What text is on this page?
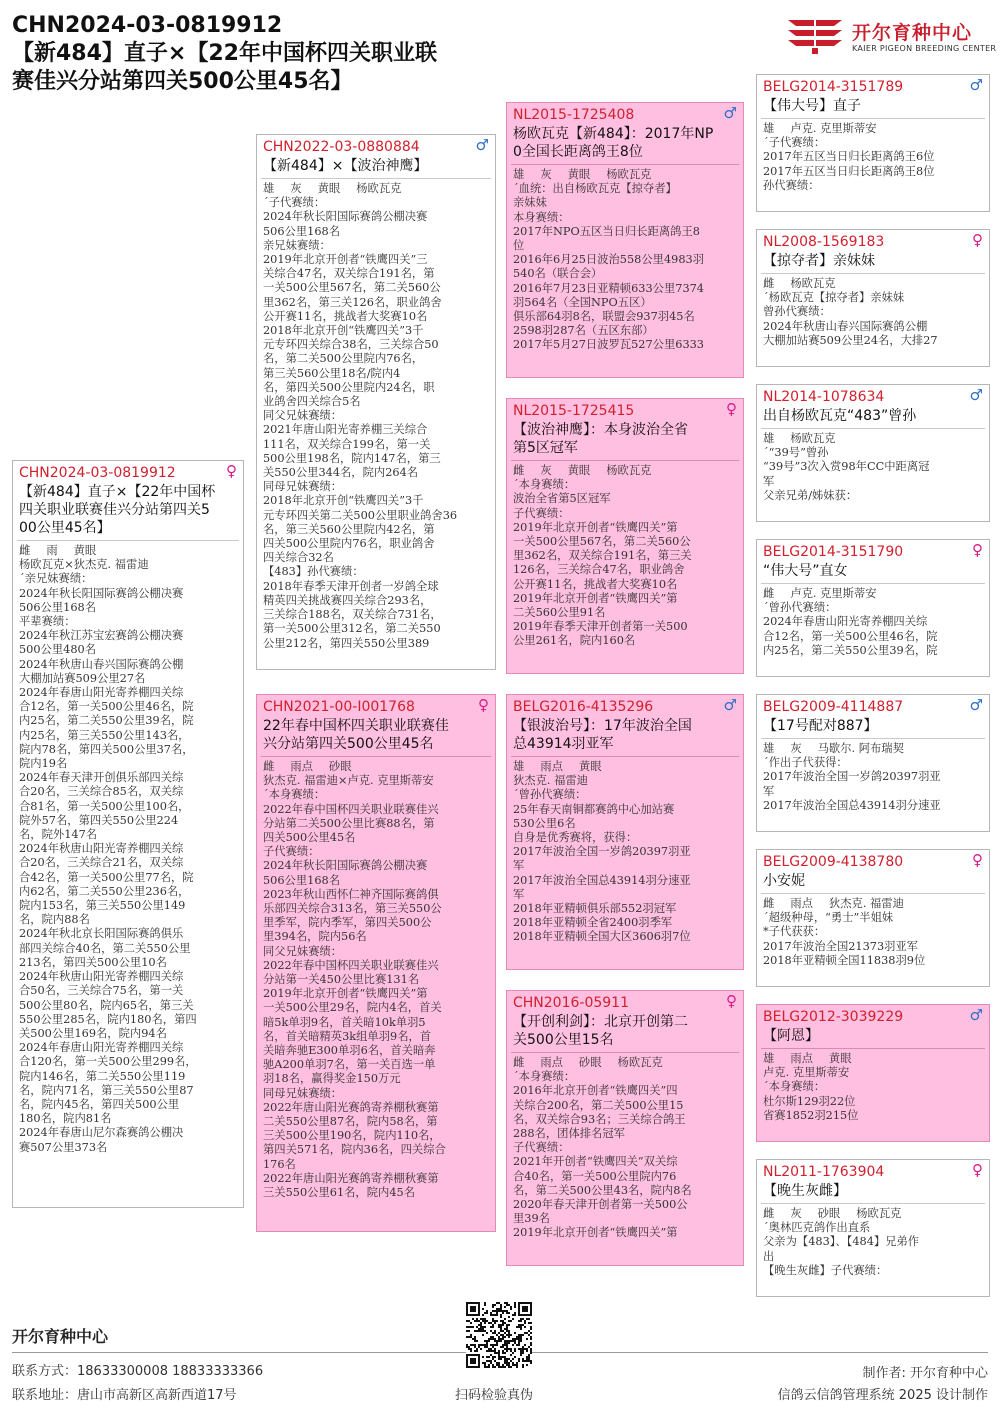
CHN2024-03-0819912
【新484】直子×【22年中国杯四关职业联
赛佳兴分站第四关500公里45名】
开尔育种中心
KAIER PIGEON BREEDING CENTER
CHN2024-03-0819912	♀
【新484】直子×【22年中国杯
四关职业联赛佳兴分站第四关5
00公里45名】
雌 雨 黄眼
杨欧瓦克×狄杰克. 福雷迪
´亲兄妹赛绩：
2024年秋长阳国际赛鸽公棚决赛
506公里168名
平辈赛绩：
2024年秋江苏宝宏赛鸽公棚决赛
500公里480名
2024年秋唐山春兴国际赛鸽公棚
大棚加站赛509公里27名
2024年春唐山阳光寄养棚四关综
合12名，第一关500公里46名，院
内25名，第二关550公里39名，院
内25名，第三关550公里143名，
院内78名，第四关500公里37名，
院内19名
2024年春天津开创俱乐部四关综
合20名，三关综合85名，双关综
合81名，第一关500公里100名，
院外57名，第四关550公里224
名，院外147名
2024年秋唐山阳光寄养棚四关综
合20名，三关综合21名，双关综
合42名，第一关500公里77名，院
内62名，第二关550公里236名，
院内153名，第三关550公里149
名，院内88名
2024年秋北京长阳国际赛鸽俱乐
部四关综合40名，第二关550公里
213名，第四关500公里10名
2024年秋唐山阳光寄养棚四关综
合50名，三关综合75名，第一关
500公里80名，院内65名，第三关
550公里285名，院内180名，第四
关500公里169名，院内94名
2024年春唐山阳光寄养棚四关综
合120名，第一关500公里299名，
院内146名，第二关550公里119
名，院内71名，第三关550公里87
名，院内45名，第四关500公里
180名，院内81名
2024年春唐山尼尔森赛鸽公棚决
赛507公里373名
CHN2022-03-0880884	♂
【新484】×【波治神鹰】
雄 灰 黄眼 杨欧瓦克
´子代赛绩：
2024年秋长阳国际赛鸽公棚决赛
506公里168名
亲兄妹赛绩：
2019年北京开创者“铁鹰四关”三
关综合47名，双关综合191名，第
一关500公里567名，第二关560公
里362名，第三关126名，职业鸽舍
公开赛11名，挑战者大奖赛10名
2018年北京开创“铁鹰四关”3千
元专环四关综合38名，三关综合50
名，第二关500公里院内76名，
第三关560公里18名/院内4
名，第四关500公里院内24名，职
业鸽舍四关综合5名
同父兄妹赛绩：
2021年唐山阳光寄养棚三关综合
111名，双关综合199名，第一关
500公里198名，院内147名，第三
关550公里344名，院内264名
同母兄妹赛绩：
2018年北京开创“铁鹰四关”3千
元专环四关第二关500公里职业鸽舍36
名，第三关560公里院内42名，第
四关500公里院内76名，职业鸽舍
四关综合32名
【483】孙代赛绩：
2018年春季天津开创者一岁鸽全球
精英四关挑战赛四关综合293名，
三关综合188名，双关综合731名，
第一关500公里312名，第二关550
公里212名，第四关550公里389
CHN2021-00-I001768	♀
22年春中国杯四关职业联赛佳
兴分站第四关500公里45名
雌 雨点 砂眼
狄杰克. 福雷迪×卢克. 克里斯蒂安
´本身赛绩：
2022年春中国杯四关职业联赛佳兴
分站第二关500公里比赛88名，第
四关500公里45名
子代赛绩：
2024年秋长阳国际赛鸽公棚决赛
506公里168名
2023年秋山西怀仁神齐国际赛鸽俱
乐部四关综合313名，第三关550公
里季军，院内季军，第四关500公
里394名，院内56名
同父兄妹赛绩：
2022年春中国杯四关职业联赛佳兴
分站第一关450公里比赛131名
2019年北京开创者“铁鹰四关”第
一关500公里29名，院内4名，首关
暗5k单羽9名，首关暗10k单羽5
名，首关暗精英3k组单羽9名，首
关暗奔驰E300单羽6名，首关暗奔
驰A200单羽7名，第一关百选一单
羽18名，赢得奖金150万元
同母兄妹赛绩：
2022年唐山阳光赛鸽寄养棚秋赛第
二关550公里87名，院内58名，第
三关500公里190名，院内110名，
第四关571名，院内36名，四关综合
176名
2022年唐山阳光赛鸽寄养棚秋赛第
三关550公里61名，院内45名
NL2015-1725408	♂
杨欧瓦克【新484】：2017年NP
0全国长距离鸽王8位
雄 灰 黄眼 杨欧瓦克
´血统：出自杨欧瓦克【掠夺者】
亲妹妹
本身赛绩：
2017年NPO五区当日归长距离鸽王8
位
2016年6月25日波治558公里4983羽
540名（联合会）
2016年7月23日亚精顿633公里7374
羽564名（全国NPO五区）
俱乐部64羽8名，联盟会937羽45名
2598羽287名（五区东部）
2017年5月27日波罗瓦527公里6333
NL2015-1725415	♀
【波治神鹰】：本身波治全省
第5区冠军
雌 灰 黄眼 杨欧瓦克
´本身赛绩：
波治全省第5区冠军
子代赛绩：
2019年北京开创者“铁鹰四关”第
一关500公里567名，第二关560公
里362名，双关综合191名，第三关
126名，三关综合47名，职业鸽舍
公开赛11名，挑战者大奖赛10名
2019年北京开创者“铁鹰四关”第
二关560公里91名
2019年春季天津开创者第一关500
公里261名，院内160名
BELG2016-4135296	♂
【银波治号】：17年波治全国
总43914羽亚军
雄 雨点 黄眼
狄杰克. 福雷迪
´曾孙代赛绩：
25年春天南铜都赛鸽中心加站赛
530公里6名
自身是优秀赛将，获得：
2017年波治全国一岁鸽20397羽亚
军
2017年波治全国总43914羽分速亚
军
2018年亚精顿俱乐部552羽冠军
2018年亚精顿全省2400羽季军
2018年亚精顿全国大区3606羽7位
CHN2016-05911	♀
【开创利剑】：北京开创第二
关500公里15名
雌 雨点 砂眼 杨欧瓦克
´本身赛绩：
2016年北京开创者“铁鹰四关”四
关综合200名，第二关500公里15
名，双关综合93名；三关综合鸽王
288名，团体排名冠军
子代赛绩：
2021年开创者“铁鹰四关”双关综
合40名，第一关500公里院内76
名，第二关500公里43名，院内8名
2020年春天津开创者第一关500公
里39名
2019年北京开创者“铁鹰四关”第
BELG2014-3151789	♂
【伟大号】直子
雄 卢克. 克里斯蒂安
´子代赛绩：
2017年五区当日归长距离鸽王6位
2017年五区当日归长距离鸽王8位
孙代赛绩：
NL2008-1569183	♀
【掠夺者】亲妹妹
雌 杨欧瓦克
´杨欧瓦克【掠夺者】亲妹妹
曾孙代赛绩：
2024年秋唐山春兴国际赛鸽公棚
大棚加站赛509公里24名，大排27
NL2014-1078634	♂
出自杨欧瓦克“483”曾孙
雄 杨欧瓦克
´“39号”曾孙
“39号”3次入赏98年CC中距离冠
军
父亲兄弟/姊妹获：
BELG2014-3151790	♀
“伟大号”直女
雌 卢克. 克里斯蒂安
´曾孙代赛绩：
2024年春唐山阳光寄养棚四关综
合12名，第一关500公里46名，院
内25名，第二关550公里39名，院
BELG2009-4114887	♂
【17号配对887】
雄 灰 马歇尔. 阿布瑞契
´作出子代获得：
2017年波治全国一岁鸽20397羽亚
军
2017年波治全国总43914羽分速亚
BELG2009-4138780	♀
小安妮
雌 雨点 狄杰克. 福雷迪
´超级种母，“勇士”半姐妹
*子代获获：
2017年波治全国21373羽亚军
2018年亚精顿全国11838羽9位
BELG2012-3039229	♂
【阿恩】
雄 雨点 黄眼
卢克. 克里斯蒂安
´本身赛绩：
杜尔斯129羽22位
省赛1852羽215位
NL2011-1763904	♀
【晚生灰雌】
雌 灰 砂眼 杨欧瓦克
´奥林匹克鸽作出直系
父亲为【483】、【484】兄弟作
出
【晚生灰雌】子代赛绩：
开尔育种中心
联系方式：18633300008 18833333366
联系地址：唐山市高新区高新西道17号	扫码检验真伪
制作者: 开尔育种中心
信鸽云信鸽管理系统 2025 设计制作
